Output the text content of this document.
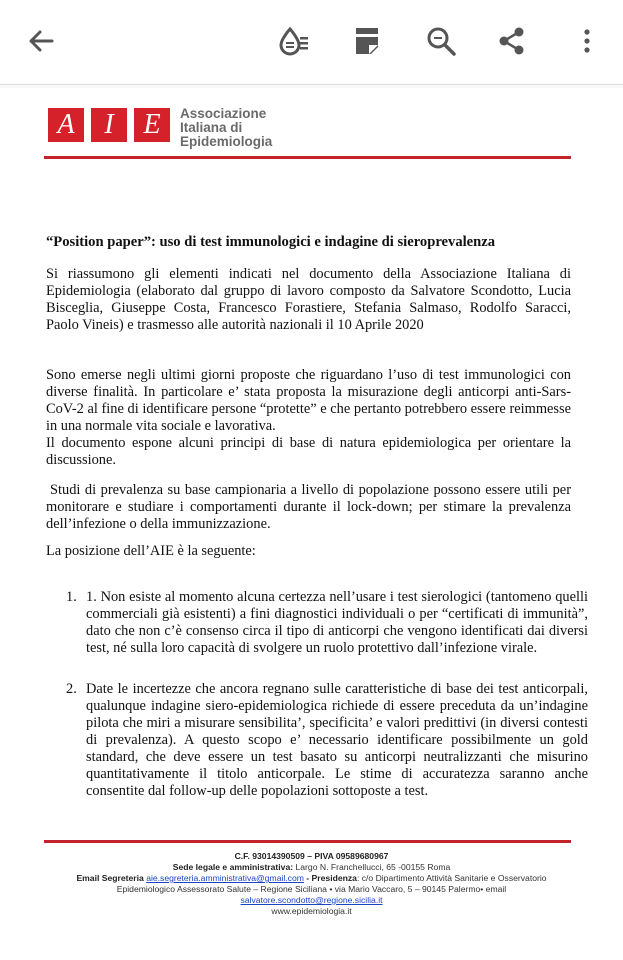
A	I	E	Associazione
Italiana di
Epidemiologia
“Position paper”: uso di test immunologici e indagine di sieroprevalenza
Si riassumono gli elementi indicati nel documento della Associazione Italiana di Epidemiologia (elaborato dal gruppo di lavoro composto da Salvatore Scondotto, Lucia Bisceglia, Giuseppe Costa, Francesco Forastiere, Stefania Salmaso, Rodolfo Saracci, Paolo Vineis) e trasmesso alle autorità nazionali il 10 Aprile 2020
Sono emerse negli ultimi giorni proposte che riguardano l’uso di test immunologici con diverse finalità. In particolare e’ stata proposta la misurazione degli anticorpi anti-Sars-CoV-2 al fine di identificare persone “protette” e che pertanto potrebbero essere reimmesse in una normale vita sociale e lavorativa.
Il documento espone alcuni principi di base di natura epidemiologica per orientare la discussione.
Studi di prevalenza su base campionaria a livello di popolazione possono essere utili per monitorare e studiare i comportamenti durante il lock-down; per stimare la prevalenza dell’infezione o della immunizzazione.
La posizione dell’AIE è la seguente:
1. 1. Non esiste al momento alcuna certezza nell’usare i test sierologici (tantomeno quelli commerciali già esistenti) a fini diagnostici individuali o per “certificati di immunità”, dato che non c’è consenso circa il tipo di anticorpi che vengono identificati dai diversi test, né sulla loro capacità di svolgere un ruolo protettivo dall’infezione virale.
2. Date le incertezze che ancora regnano sulle caratteristiche di base dei test anticorpali, qualunque indagine siero-epidemiologica richiede di essere preceduta da un’indagine pilota che miri a misurare sensibilita’, specificita’ e valori predittivi (in diversi contesti di prevalenza). A questo scopo e’ necessario identificare possibilmente un gold standard, che deve essere un test basato su anticorpi neutralizzanti che misurino quantitativamente il titolo anticorpale. Le stime di accuratezza saranno anche consentite dal follow-up delle popolazioni sottoposte a test.
C.F. 93014390509 – PIVA 09589680967
Sede legale e amministrativa: Largo N. Franchellucci, 65 -00155 Roma
Email Segreteria aie.segreteria.amministrativa@gmail.com - Presidenza: c/o Dipartimento Attività Sanitarie e Osservatorio
Epidemiologico Assessorato Salute – Regione Siciliana • via Mario Vaccaro, 5 – 90145 Palermo• email
salvatore.scondotto@regione.sicilia.it
www.epidemiologia.it
